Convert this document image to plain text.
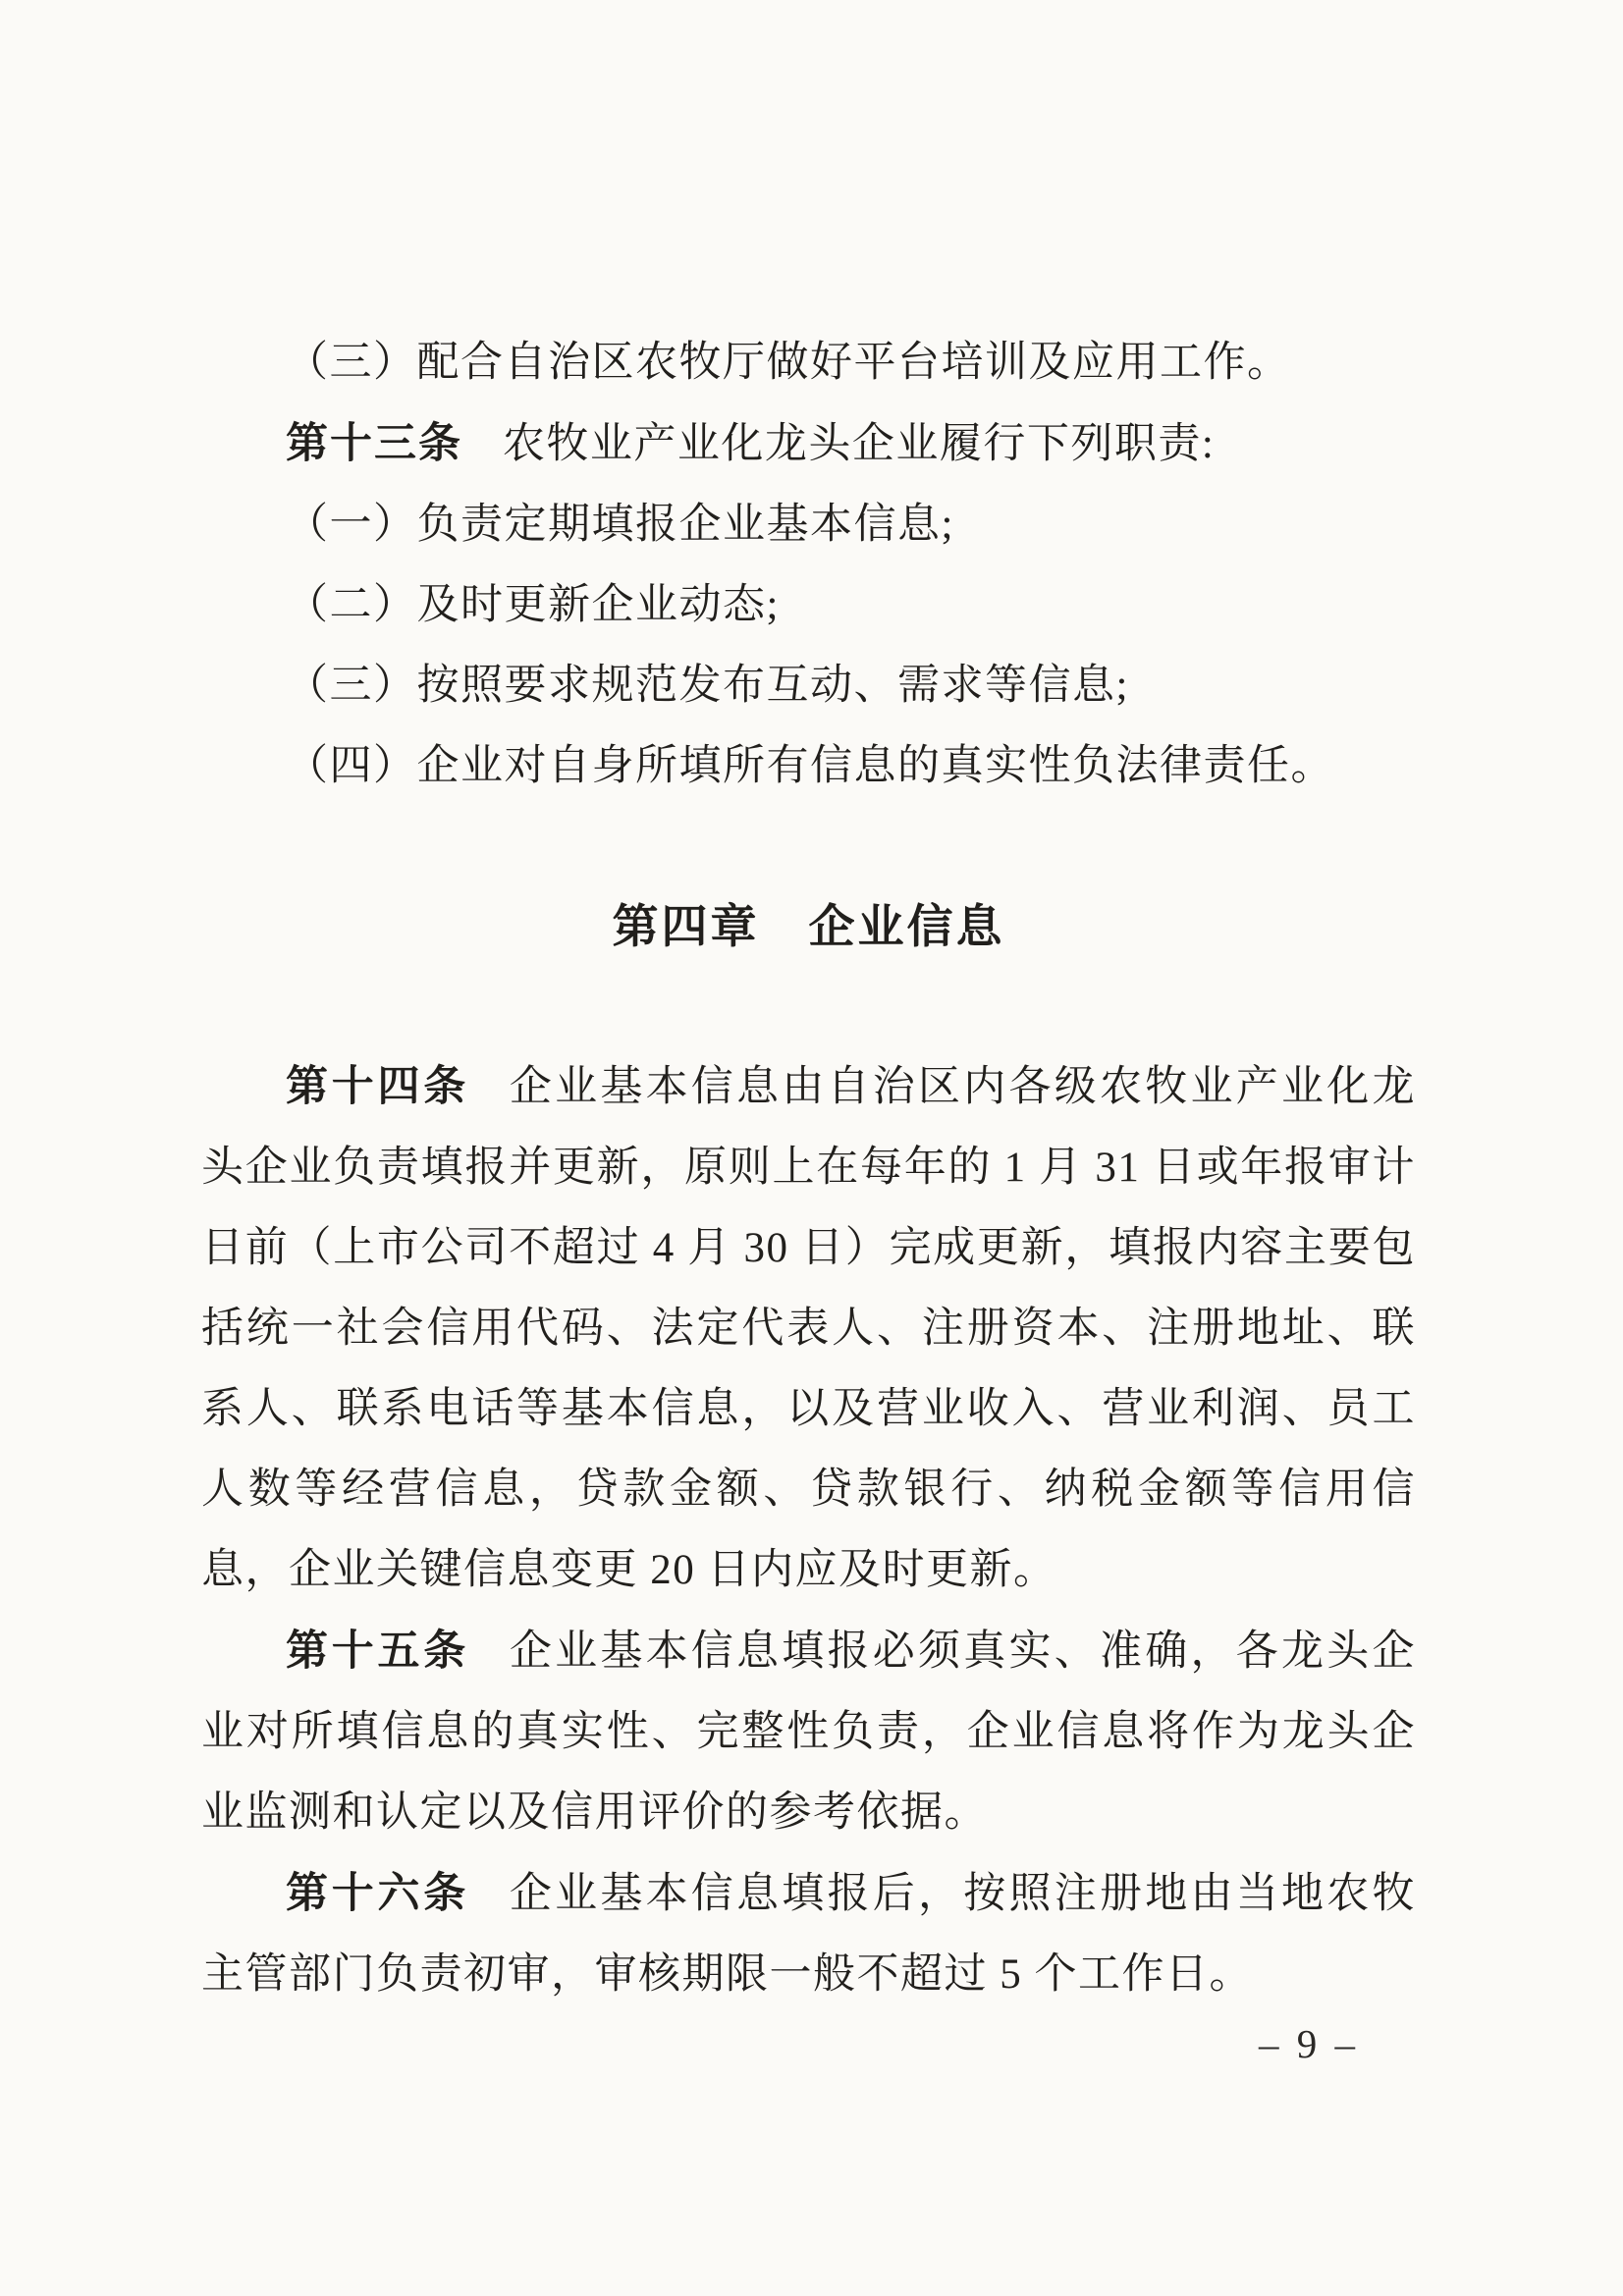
（三）配合自治区农牧厅做好平台培训及应用工作。

第十三条 农牧业产业化龙头企业履行下列职责:

（一）负责定期填报企业基本信息;

（二）及时更新企业动态;

（三）按照要求规范发布互动、需求等信息;

（四）企业对自身所填所有信息的真实性负法律责任。

第四章　企业信息

第十四条 企业基本信息由自治区内各级农牧业产业化龙头企业负责填报并更新，原则上在每年的 1 月 31 日或年报审计日前（上市公司不超过 4 月 30 日）完成更新，填报内容主要包括统一社会信用代码、法定代表人、注册资本、注册地址、联系人、联系电话等基本信息，以及营业收入、营业利润、员工人数等经营信息，贷款金额、贷款银行、纳税金额等信用信息，企业关键信息变更 20 日内应及时更新。

第十五条 企业基本信息填报必须真实、准确，各龙头企业对所填信息的真实性、完整性负责，企业信息将作为龙头企业监测和认定以及信用评价的参考依据。

第十六条 企业基本信息填报后，按照注册地由当地农牧主管部门负责初审，审核期限一般不超过 5 个工作日。

– 9 –
